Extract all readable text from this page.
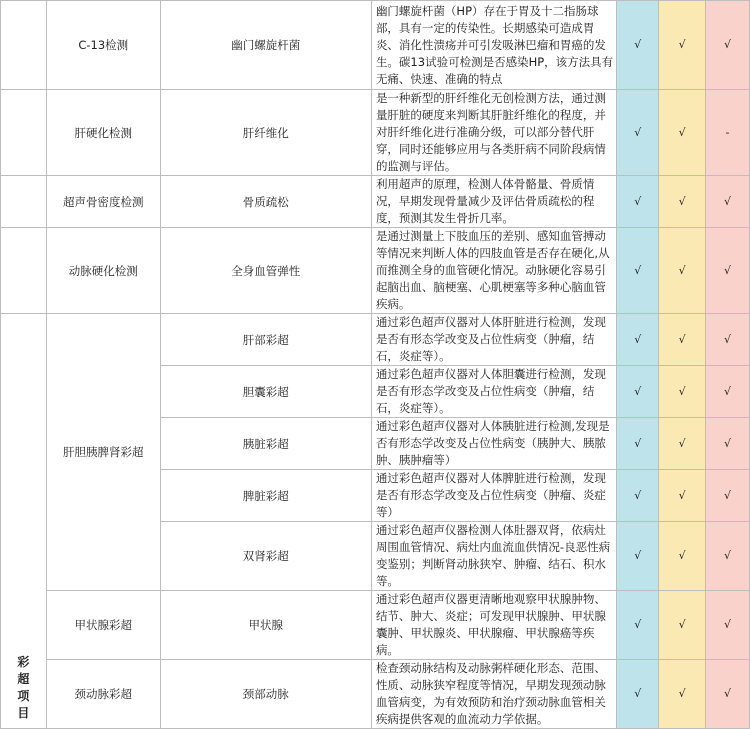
	C-13检测	幽门螺旋杆菌	幽门螺旋杆菌（HP）存在于胃及十二指肠球部，具有一定的传染性。长期感染可造成胃炎、消化性溃疡并可引发吸淋巴瘤和胃癌的发生。碳13试验可检测是否感染HP，该方法具有无痛、快速、准确的特点	√	√	√
	肝硬化检测	肝纤维化	是一种新型的肝纤维化无创检测方法，通过测量肝脏的硬度来判断其肝脏纤维化的程度，并对肝纤维化进行准确分级，可以部分替代肝穿，同时还能够应用与各类肝病不同阶段病情的监测与评估。	√	√	-
	超声骨密度检测	骨质疏松	利用超声的原理，检测人体骨骼量、骨质情况，早期发现骨量减少及评估骨质疏松的程度，预测其发生骨折几率。	√	√	√
	动脉硬化检测	全身血管弹性	是通过测量上下肢血压的差别、感知血管搏动等情况来判断人体的四肢血管是否存在硬化,从而推测全身的血管硬化情况。动脉硬化容易引起脑出血、脑梗塞、心肌梗塞等多种心脑血管疾病。	√	√	√

彩超项目	肝胆胰脾肾彩超	肝部彩超	通过彩色超声仪器对人体肝脏进行检测，发现是否有形态学改变及占位性病变（肿瘤，结石，炎症等）。	√	√	√
		胆囊彩超	通过彩色超声仪器对人体胆囊进行检测，发现是否有形态学改变及占位性病变（肿瘤，结石，炎症等）。	√	√	√
		胰脏彩超	通过彩色超声仪器对人体胰脏进行检测,发现是否有形态学改变及占位性病变（胰肿大、胰脓肿、胰肿瘤等）	√	√	√
		脾脏彩超	通过彩色超声仪器对人体脾脏进行检测，发现是否有形态学改变及占位性病变（肿瘤、炎症等）	√	√	√
		双肾彩超	通过彩色超声仪器检测人体肚器双肾，依病灶周围血管情况、病灶内血流血供情况-良恶性病变鉴别；判断肾动脉狭窄、肿瘤、结石、积水等。	√	√	√
	甲状腺彩超	甲状腺	通过彩色超声仪器更清晰地观察甲状腺肿物、结节、肿大、炎症；可发现甲状腺肿、甲状腺囊肿、甲状腺炎、甲状腺瘤、甲状腺癌等疾病。	√	√	√
	颈动脉彩超	颈部动脉	检查颈动脉结构及动脉粥样硬化形态、范围、性质、动脉狭窄程度等情况，早期发现颈动脉血管病变，为有效预防和治疗颈动脉血管相关疾病提供客观的血流动力学依据。	√	√	√
